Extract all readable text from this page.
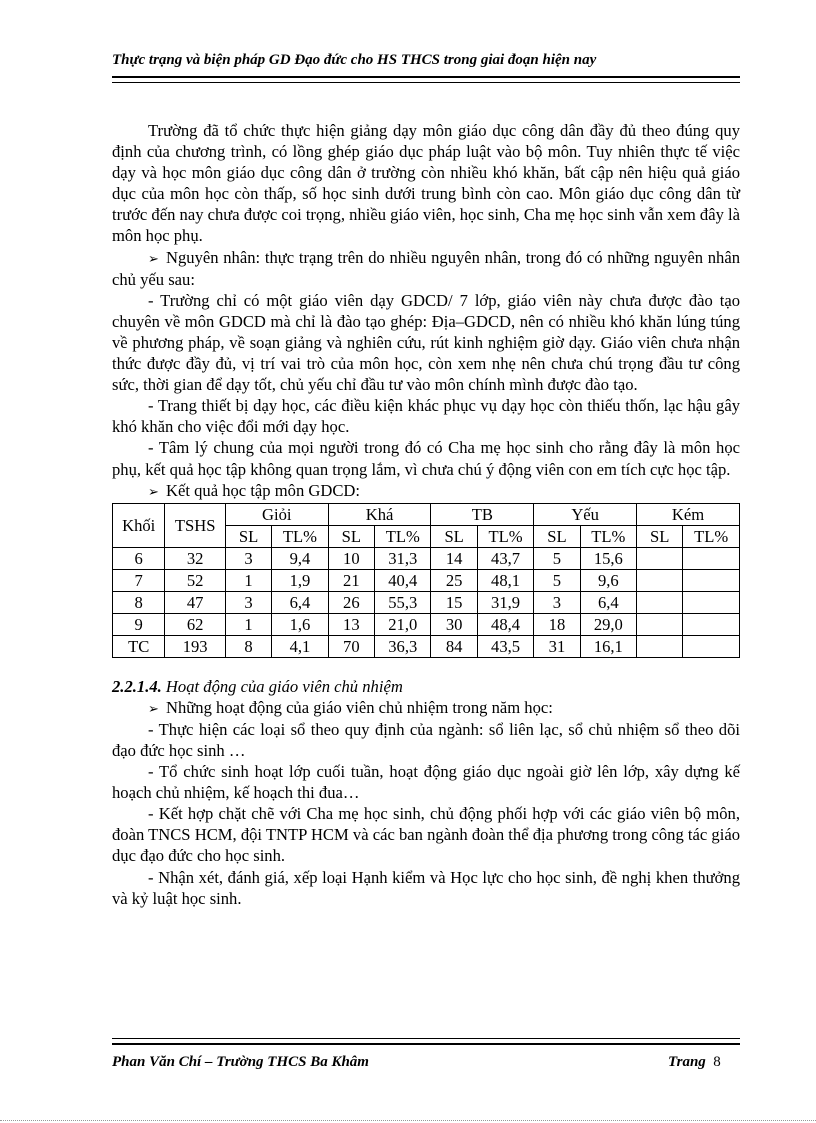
Thực trạng và biện pháp GD Đạo đức cho HS THCS trong giai đoạn hiện nay

Trường đã tổ chức thực hiện giảng dạy môn giáo dục công dân đầy đủ theo đúng quy định của chương trình, có lồng ghép giáo dục pháp luật vào bộ môn. Tuy nhiên thực tế việc dạy và học môn giáo dục công dân ở trường còn nhiều khó khăn, bất cập nên hiệu quả giáo dục của môn học còn thấp, số học sinh dưới trung bình còn cao. Môn giáo dục công dân từ trước đến nay chưa được coi trọng, nhiều giáo viên, học sinh, Cha mẹ học sinh vẫn xem đây là môn học phụ.

➢ Nguyên nhân: thực trạng trên do nhiều nguyên nhân, trong đó có những nguyên nhân chủ yếu sau:

- Trường chỉ có một giáo viên dạy GDCD/ 7 lớp, giáo viên này chưa được đào tạo chuyên về môn GDCD mà chỉ là đào tạo ghép: Địa–GDCD, nên có nhiều khó khăn lúng túng về phương pháp, về soạn giảng và nghiên cứu, rút kinh nghiệm giờ dạy. Giáo viên chưa nhận thức được đầy đủ, vị trí vai trò của môn học, còn xem nhẹ nên chưa chú trọng đầu tư công sức, thời gian để dạy tốt, chủ yếu chỉ đầu tư vào môn chính mình được đào tạo.

- Trang thiết bị dạy học, các điều kiện khác phục vụ dạy học còn thiếu thốn, lạc hậu gây khó khăn cho việc đổi mới dạy học.

- Tâm lý chung của mọi người trong đó có Cha mẹ học sinh cho rằng đây là môn học phụ, kết quả học tập không quan trọng lắm, vì chưa chú ý động viên con em tích cực học tập.

➢ Kết quả học tập môn GDCD:

Khối	TSHS	Giỏi		Khá		TB		Yếu		Kém	
		SL	TL%	SL	TL%	SL	TL%	SL	TL%	SL	TL%
6	32	3	9,4	10	31,3	14	43,7	5	15,6		
7	52	1	1,9	21	40,4	25	48,1	5	9,6		
8	47	3	6,4	26	55,3	15	31,9	3	6,4		
9	62	1	1,6	13	21,0	30	48,4	18	29,0		
TC	193	8	4,1	70	36,3	84	43,5	31	16,1		

2.2.1.4. Hoạt động của giáo viên chủ nhiệm

➢ Những hoạt động của giáo viên chủ nhiệm trong năm học:

- Thực hiện các loại sổ theo quy định của ngành: sổ liên lạc, sổ chủ nhiệm sổ theo dõi đạo đức học sinh …

- Tổ chức sinh hoạt lớp cuối tuần, hoạt động giáo dục ngoài giờ lên lớp, xây dựng kế hoạch chủ nhiệm, kế hoạch thi đua…

- Kết hợp chặt chẽ với Cha mẹ học sinh, chủ động phối hợp với các giáo viên bộ môn, đoàn TNCS HCM, đội TNTP HCM và các ban ngành đoàn thể địa phương trong công tác giáo dục đạo đức cho học sinh.

- Nhận xét, đánh giá, xếp loại Hạnh kiểm và Học lực cho học sinh, đề nghị khen thưởng và kỷ luật học sinh.

Phan Văn Chí – Trường THCS Ba Khâm	Trang 8
